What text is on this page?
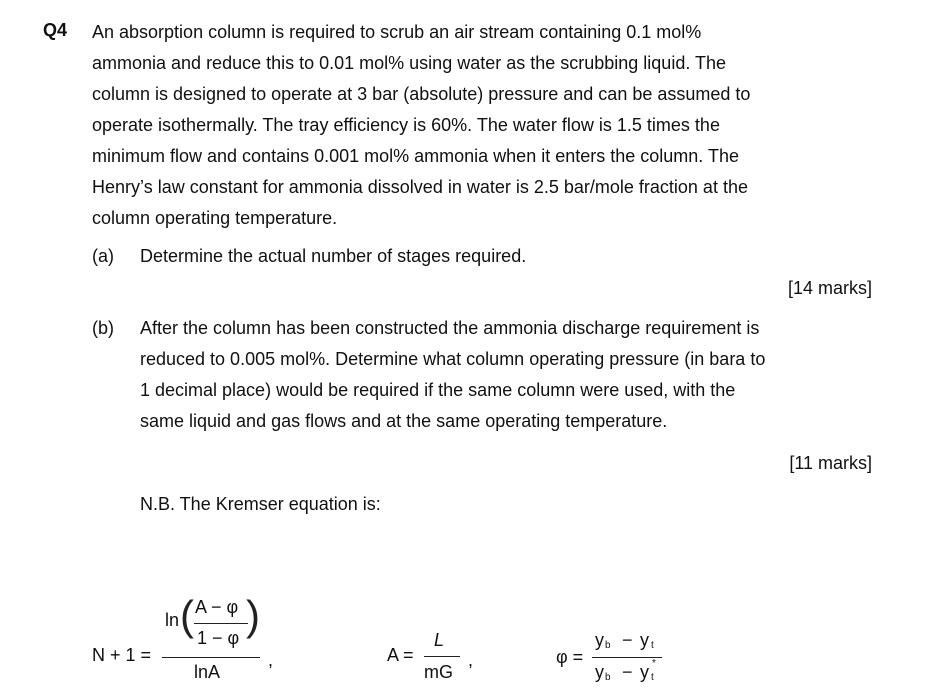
Q4 An absorption column is required to scrub an air stream containing 0.1 mol%
ammonia and reduce this to 0.01 mol% using water as the scrubbing liquid. The
column is designed to operate at 3 bar (absolute) pressure and can be assumed to
operate isothermally. The tray efficiency is 60%. The water flow is 1.5 times the
minimum flow and contains 0.001 mol% ammonia when it enters the column. The
Henry’s law constant for ammonia dissolved in water is 2.5 bar/mole fraction at the
column operating temperature.
(a) Determine the actual number of stages required.
[14 marks]
(b) After the column has been constructed the ammonia discharge requirement is
reduced to 0.005 mol%. Determine what column operating pressure (in bara to
1 decimal place) would be required if the same column were used, with the
same liquid and gas flows and at the same operating temperature.
[11 marks]
N.B. The Kremser equation is:
N + 1 =
ln ( A − φ
1 − φ )
lnA
,	A =
L
mG
,	φ =
y b − y t
y b − y t
*
